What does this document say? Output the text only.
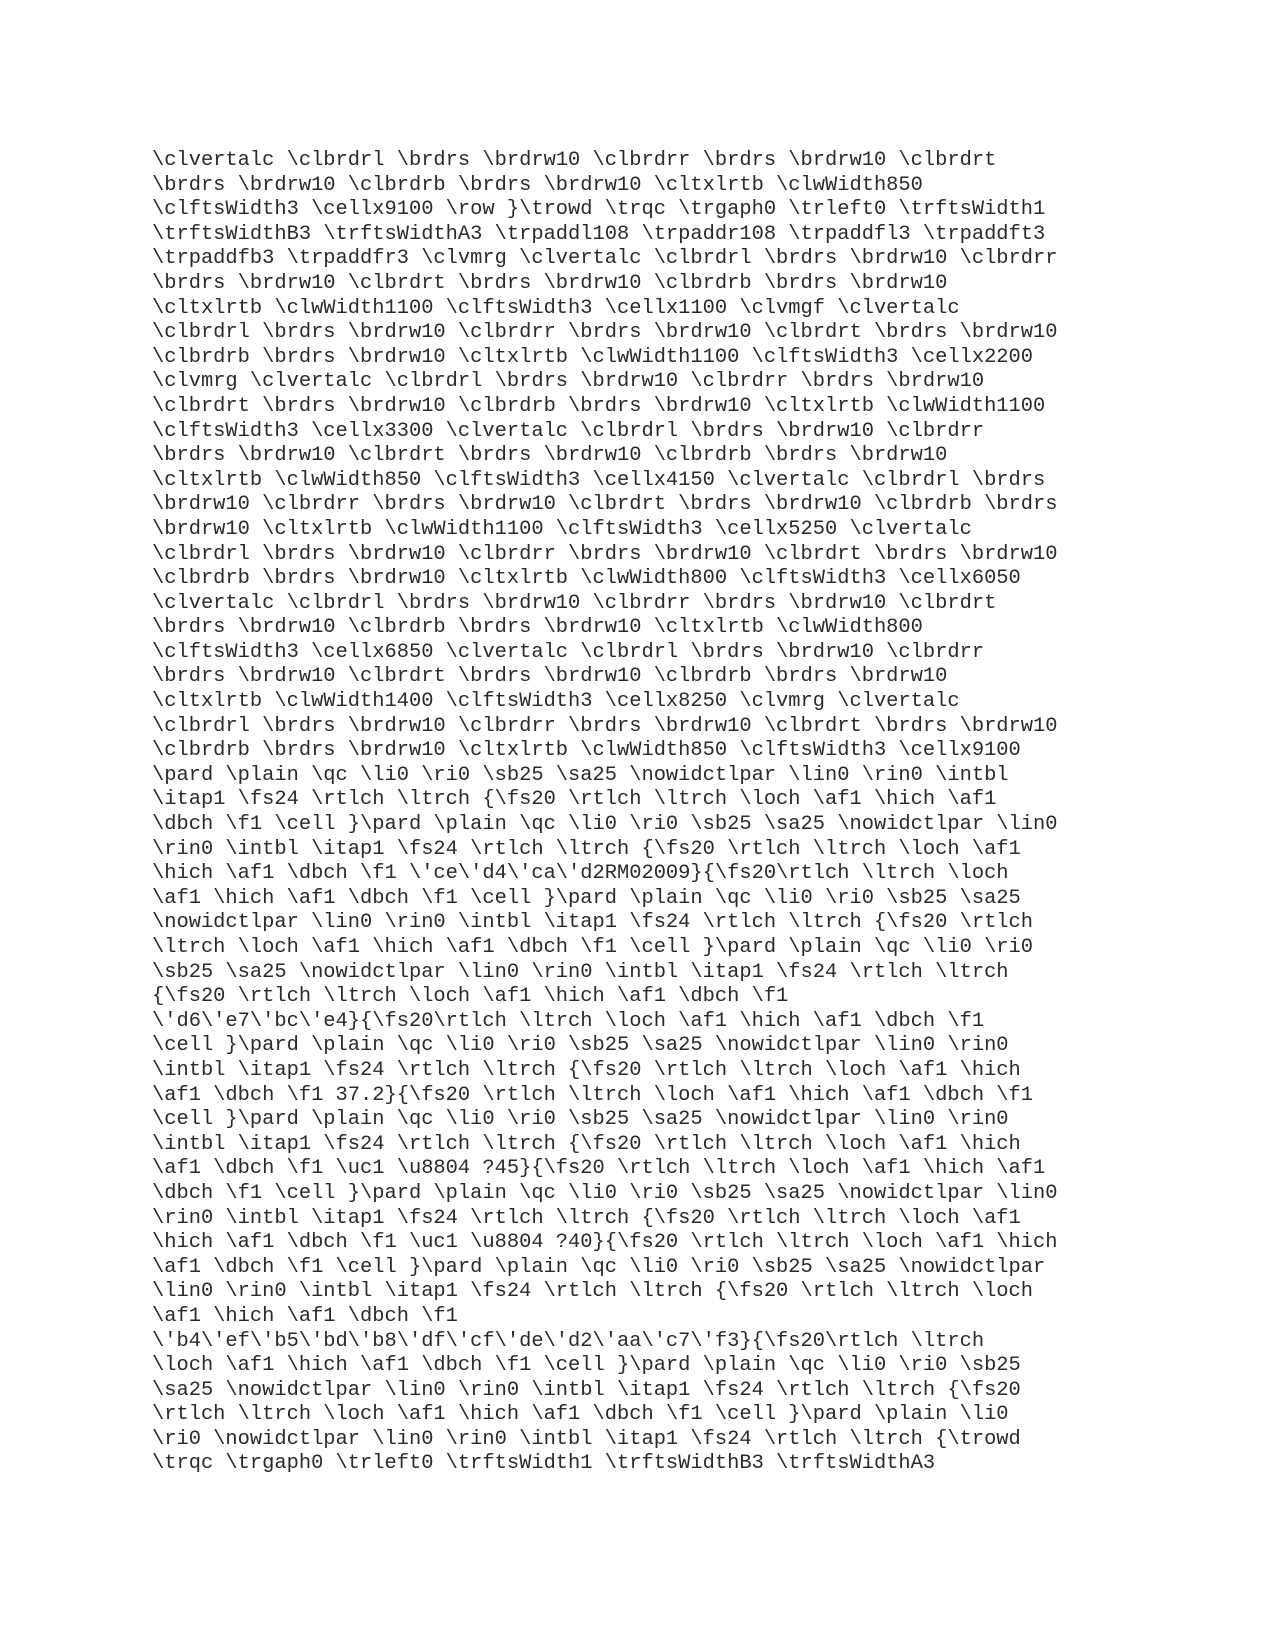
\clvertalc \clbrdrl \brdrs \brdrw10 \clbrdrr \brdrs \brdrw10 \clbrdrt
\brdrs \brdrw10 \clbrdrb \brdrs \brdrw10 \cltxlrtb \clwWidth850
\clftsWidth3 \cellx9100 \row }\trowd \trqc \trgaph0 \trleft0 \trftsWidth1
\trftsWidthB3 \trftsWidthA3 \trpaddl108 \trpaddr108 \trpaddfl3 \trpaddft3
\trpaddfb3 \trpaddfr3 \clvmrg \clvertalc \clbrdrl \brdrs \brdrw10 \clbrdrr
\brdrs \brdrw10 \clbrdrt \brdrs \brdrw10 \clbrdrb \brdrs \brdrw10
\cltxlrtb \clwWidth1100 \clftsWidth3 \cellx1100 \clvmgf \clvertalc
\clbrdrl \brdrs \brdrw10 \clbrdrr \brdrs \brdrw10 \clbrdrt \brdrs \brdrw10
\clbrdrb \brdrs \brdrw10 \cltxlrtb \clwWidth1100 \clftsWidth3 \cellx2200
\clvmrg \clvertalc \clbrdrl \brdrs \brdrw10 \clbrdrr \brdrs \brdrw10
\clbrdrt \brdrs \brdrw10 \clbrdrb \brdrs \brdrw10 \cltxlrtb \clwWidth1100
\clftsWidth3 \cellx3300 \clvertalc \clbrdrl \brdrs \brdrw10 \clbrdrr
\brdrs \brdrw10 \clbrdrt \brdrs \brdrw10 \clbrdrb \brdrs \brdrw10
\cltxlrtb \clwWidth850 \clftsWidth3 \cellx4150 \clvertalc \clbrdrl \brdrs
\brdrw10 \clbrdrr \brdrs \brdrw10 \clbrdrt \brdrs \brdrw10 \clbrdrb \brdrs
\brdrw10 \cltxlrtb \clwWidth1100 \clftsWidth3 \cellx5250 \clvertalc
\clbrdrl \brdrs \brdrw10 \clbrdrr \brdrs \brdrw10 \clbrdrt \brdrs \brdrw10
\clbrdrb \brdrs \brdrw10 \cltxlrtb \clwWidth800 \clftsWidth3 \cellx6050
\clvertalc \clbrdrl \brdrs \brdrw10 \clbrdrr \brdrs \brdrw10 \clbrdrt
\brdrs \brdrw10 \clbrdrb \brdrs \brdrw10 \cltxlrtb \clwWidth800
\clftsWidth3 \cellx6850 \clvertalc \clbrdrl \brdrs \brdrw10 \clbrdrr
\brdrs \brdrw10 \clbrdrt \brdrs \brdrw10 \clbrdrb \brdrs \brdrw10
\cltxlrtb \clwWidth1400 \clftsWidth3 \cellx8250 \clvmrg \clvertalc
\clbrdrl \brdrs \brdrw10 \clbrdrr \brdrs \brdrw10 \clbrdrt \brdrs \brdrw10
\clbrdrb \brdrs \brdrw10 \cltxlrtb \clwWidth850 \clftsWidth3 \cellx9100
\pard \plain \qc \li0 \ri0 \sb25 \sa25 \nowidctlpar \lin0 \rin0 \intbl
\itap1 \fs24 \rtlch \ltrch {\fs20 \rtlch \ltrch \loch \af1 \hich \af1
\dbch \f1 \cell }\pard \plain \qc \li0 \ri0 \sb25 \sa25 \nowidctlpar \lin0
\rin0 \intbl \itap1 \fs24 \rtlch \ltrch {\fs20 \rtlch \ltrch \loch \af1
\hich \af1 \dbch \f1 \'ce\'d4\'ca\'d2RM02009}{\fs20\rtlch \ltrch \loch
\af1 \hich \af1 \dbch \f1 \cell }\pard \plain \qc \li0 \ri0 \sb25 \sa25
\nowidctlpar \lin0 \rin0 \intbl \itap1 \fs24 \rtlch \ltrch {\fs20 \rtlch
\ltrch \loch \af1 \hich \af1 \dbch \f1 \cell }\pard \plain \qc \li0 \ri0
\sb25 \sa25 \nowidctlpar \lin0 \rin0 \intbl \itap1 \fs24 \rtlch \ltrch
{\fs20 \rtlch \ltrch \loch \af1 \hich \af1 \dbch \f1
\'d6\'e7\'bc\'e4}{\fs20\rtlch \ltrch \loch \af1 \hich \af1 \dbch \f1
\cell }\pard \plain \qc \li0 \ri0 \sb25 \sa25 \nowidctlpar \lin0 \rin0
\intbl \itap1 \fs24 \rtlch \ltrch {\fs20 \rtlch \ltrch \loch \af1 \hich
\af1 \dbch \f1 37.2}{\fs20 \rtlch \ltrch \loch \af1 \hich \af1 \dbch \f1
\cell }\pard \plain \qc \li0 \ri0 \sb25 \sa25 \nowidctlpar \lin0 \rin0
\intbl \itap1 \fs24 \rtlch \ltrch {\fs20 \rtlch \ltrch \loch \af1 \hich
\af1 \dbch \f1 \uc1 \u8804 ?45}{\fs20 \rtlch \ltrch \loch \af1 \hich \af1
\dbch \f1 \cell }\pard \plain \qc \li0 \ri0 \sb25 \sa25 \nowidctlpar \lin0
\rin0 \intbl \itap1 \fs24 \rtlch \ltrch {\fs20 \rtlch \ltrch \loch \af1
\hich \af1 \dbch \f1 \uc1 \u8804 ?40}{\fs20 \rtlch \ltrch \loch \af1 \hich
\af1 \dbch \f1 \cell }\pard \plain \qc \li0 \ri0 \sb25 \sa25 \nowidctlpar
\lin0 \rin0 \intbl \itap1 \fs24 \rtlch \ltrch {\fs20 \rtlch \ltrch \loch
\af1 \hich \af1 \dbch \f1
\'b4\'ef\'b5\'bd\'b8\'df\'cf\'de\'d2\'aa\'c7\'f3}{\fs20\rtlch \ltrch
\loch \af1 \hich \af1 \dbch \f1 \cell }\pard \plain \qc \li0 \ri0 \sb25
\sa25 \nowidctlpar \lin0 \rin0 \intbl \itap1 \fs24 \rtlch \ltrch {\fs20
\rtlch \ltrch \loch \af1 \hich \af1 \dbch \f1 \cell }\pard \plain \li0
\ri0 \nowidctlpar \lin0 \rin0 \intbl \itap1 \fs24 \rtlch \ltrch {\trowd
\trqc \trgaph0 \trleft0 \trftsWidth1 \trftsWidthB3 \trftsWidthA3
